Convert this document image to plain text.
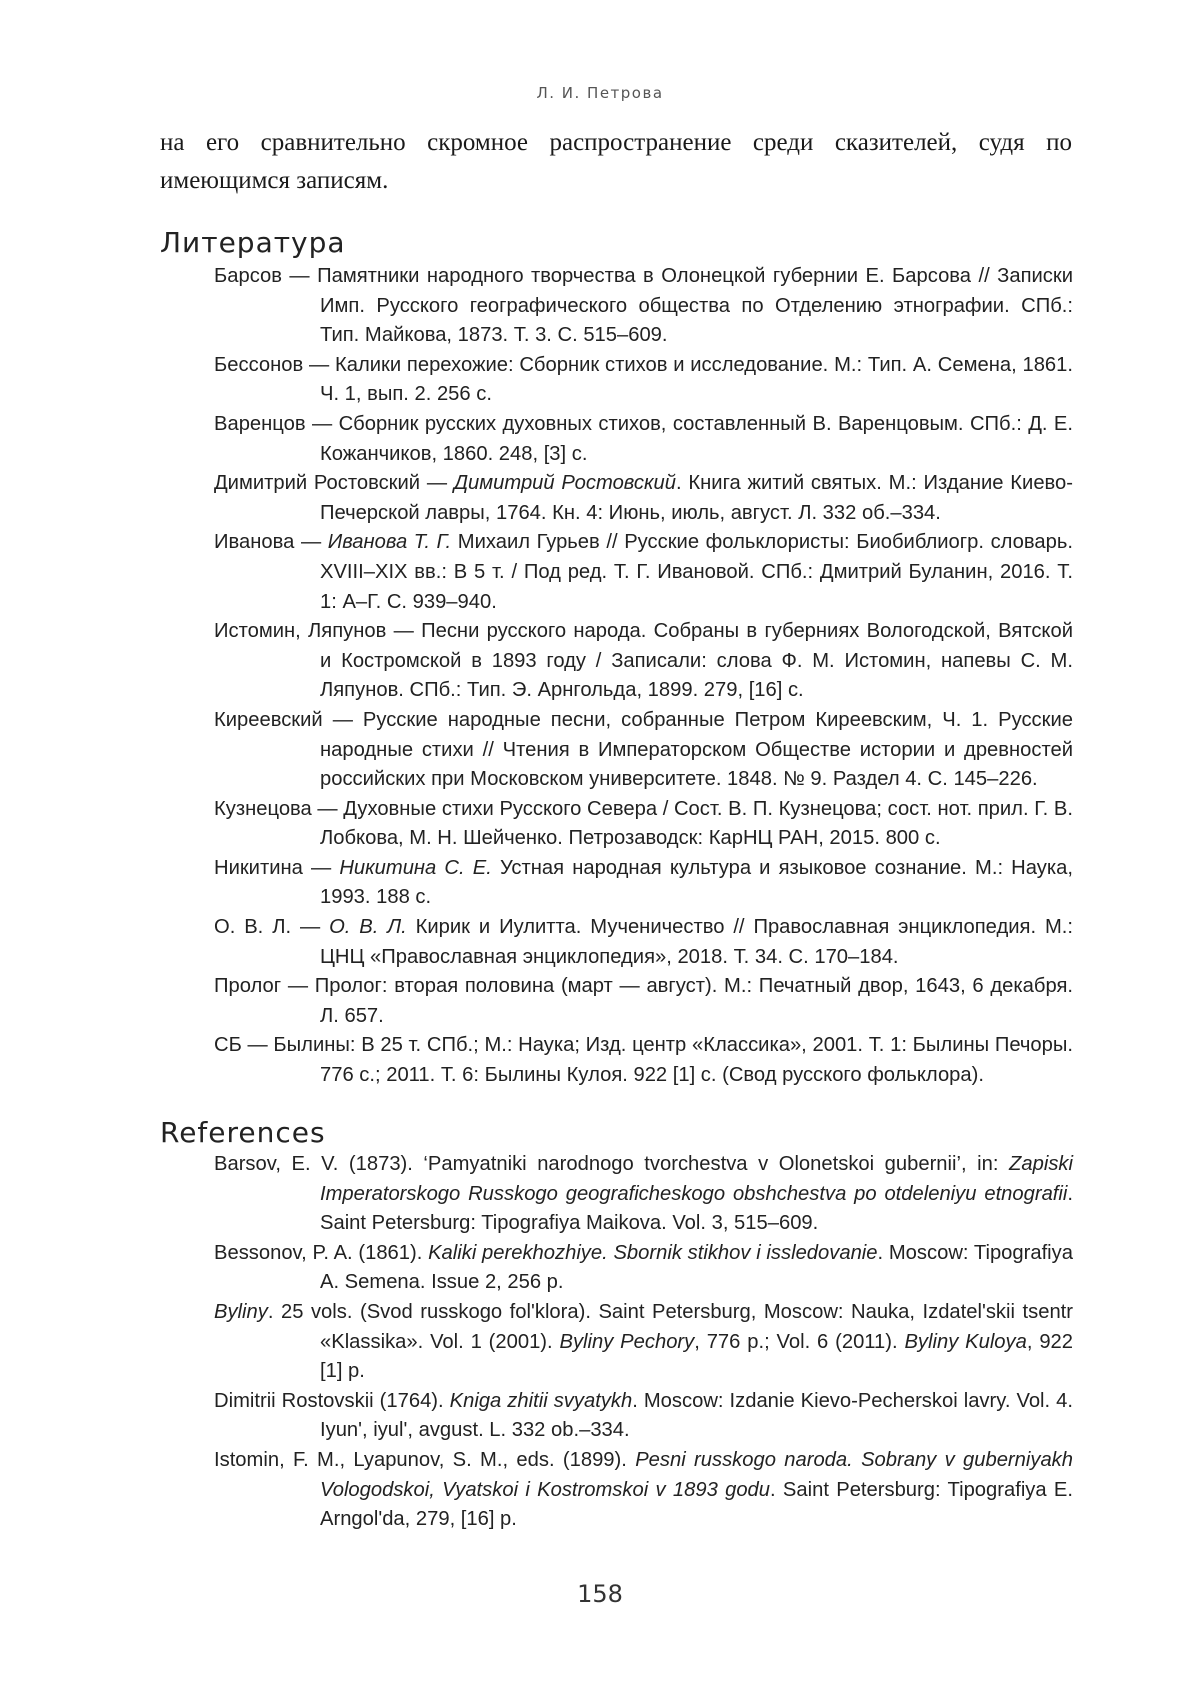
Л. И. Петрова

на его сравнительно скромное распространение среди сказителей, судя по имеющимся записям.

Литература
Барсов — Памятники народного творчества в Олонецкой губернии Е. Барсова // Записки Имп. Русского географического общества по Отделению этнографии. СПб.: Тип. Майкова, 1873. Т. 3. С. 515–609.
Бессонов — Калики перехожие: Сборник стихов и исследование. М.: Тип. А. Семена, 1861. Ч. 1, вып. 2. 256 с.
Варенцов — Сборник русских духовных стихов, составленный В. Варенцовым. СПб.: Д. Е. Кожанчиков, 1860. 248, [3] с.
Димитрий Ростовский — Димитрий Ростовский. Книга житий святых. М.: Издание Киево-Печерской лавры, 1764. Кн. 4: Июнь, июль, август. Л. 332 об.–334.
Иванова — Иванова Т. Г. Михаил Гурьев // Русские фольклористы: Биобиблиогр. словарь. XVIII–XIX вв.: В 5 т. / Под ред. Т. Г. Ивановой. СПб.: Дмитрий Буланин, 2016. Т. 1: А–Г. С. 939–940.
Истомин, Ляпунов — Песни русского народа. Собраны в губерниях Вологодской, Вятской и Костромской в 1893 году / Записали: слова Ф. М. Истомин, напевы С. М. Ляпунов. СПб.: Тип. Э. Арнгольда, 1899. 279, [16] с.
Киреевский — Русские народные песни, собранные Петром Киреевским, Ч. 1. Русские народные стихи // Чтения в Императорском Обществе истории и древностей российских при Московском университете. 1848. № 9. Раздел 4. С. 145–226.
Кузнецова — Духовные стихи Русского Севера / Сост. В. П. Кузнецова; сост. нот. прил. Г. В. Лобкова, М. Н. Шейченко. Петрозаводск: КарНЦ РАН, 2015. 800 с.
Никитина — Никитина С. Е. Устная народная культура и языковое сознание. М.: Наука, 1993. 188 с.
О. В. Л. — О. В. Л. Кирик и Иулитта. Мученичество // Православная энциклопедия. М.: ЦНЦ «Православная энциклопедия», 2018. Т. 34. С. 170–184.
Пролог — Пролог: вторая половина (март — август). М.: Печатный двор, 1643, 6 декабря. Л. 657.
СБ — Былины: В 25 т. СПб.; М.: Наука; Изд. центр «Классика», 2001. Т. 1: Былины Печоры. 776 с.; 2011. Т. 6: Былины Кулоя. 922 [1] с. (Свод русского фольклора).
References
Barsov, E. V. (1873). ‘Pamyatniki narodnogo tvorchestva v Olonetskoi gubernii’, in: Zapiski Imperatorskogo Russkogo geograficheskogo obshchestva po otdeleniyu etnografii. Saint Petersburg: Tipografiya Maikova. Vol. 3, 515–609.
Bessonov, P. A. (1861). Kaliki perekhozhiye. Sbornik stikhov i issledovanie. Moscow: Tipografiya A. Semena. Issue 2, 256 p.
Byliny. 25 vols. (Svod russkogo fol'klora). Saint Petersburg, Moscow: Nauka, Izdatel'skii tsentr «Klassika». Vol. 1 (2001). Byliny Pechory, 776 p.; Vol. 6 (2011). Byliny Kuloya, 922 [1] p.
Dimitrii Rostovskii (1764). Kniga zhitii svyatykh. Moscow: Izdanie Kievo-Pecherskoi lavry. Vol. 4. Iyun', iyul', avgust. L. 332 ob.–334.
Istomin, F. M., Lyapunov, S. M., eds. (1899). Pesni russkogo naroda. Sobrany v guberniyakh Vologodskoi, Vyatskoi i Kostromskoi v 1893 godu. Saint Petersburg: Tipografiya E. Arngol'da, 279, [16] p.
158
